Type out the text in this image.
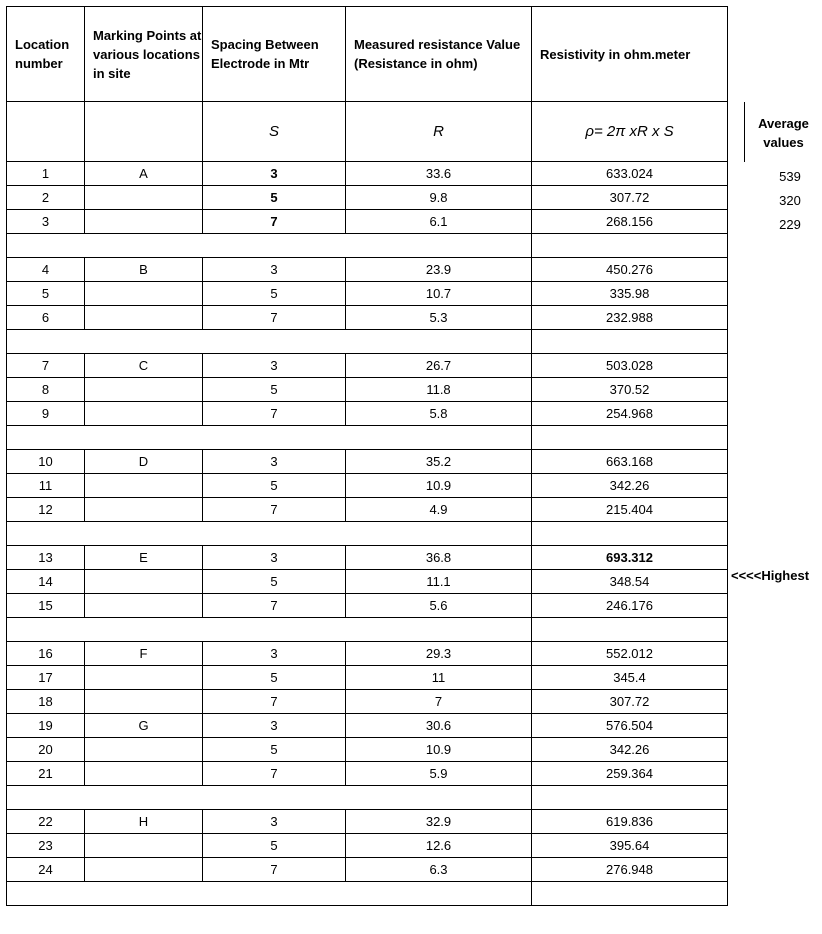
Location number	Marking Points at various locations in site	Spacing Between Electrode in Mtr	Measured resistance Value (Resistance in ohm)	Resistivity in ohm.meter
		S	R	ρ= 2π xR x S
1	A	3	33.6	633.024
2		5	9.8	307.72
3		7	6.1	268.156

4	B	3	23.9	450.276
5		5	10.7	335.98
6		7	5.3	232.988

7	C	3	26.7	503.028
8		5	11.8	370.52
9		7	5.8	254.968

10	D	3	35.2	663.168
11		5	10.9	342.26
12		7	4.9	215.404

13	E	3	36.8	693.312
14		5	11.1	348.54
15		7	5.6	246.176

16	F	3	29.3	552.012
17		5	11	345.4
18		7	7	307.72
19	G	3	30.6	576.504
20		5	10.9	342.26
21		7	5.9	259.364

22	H	3	32.9	619.836
23		5	12.6	395.64
24		7	6.3	276.948

Average values
539
320
229
<<<<Highest
